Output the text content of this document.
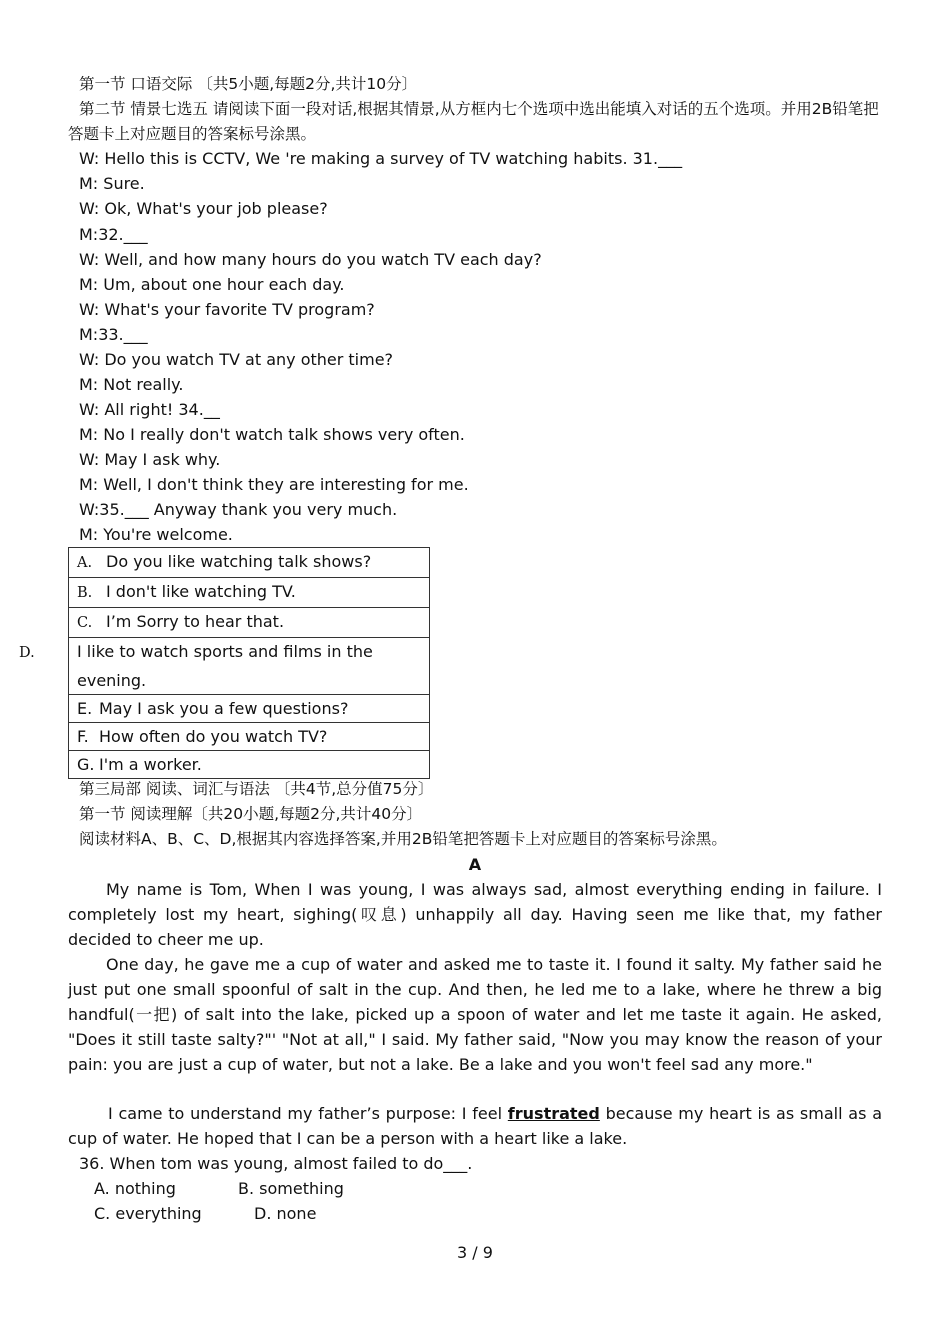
第一节 口语交际 〔共5小题,每题2分,共计10分〕
第二节 情景七选五 请阅读下面一段对话,根据其情景,从方框内七个选项中选出能填入对话的五个选项。并用2B铅笔把答题卡上对应题目的答案标号涂黑。
W: Hello this is CCTV, We 're making a survey of TV watching habits. 31.___
M: Sure.
W: Ok, What's your job please?
M:32.___
W: Well, and how many hours do you watch TV each day?
M: Um, about one hour each day.
W: What's your favorite TV program?
M:33.___
W: Do you watch TV at any other time?
M: Not really.
W: All right! 34.__
M: No I really don't watch talk shows very often.
W: May I ask why.
M: Well, I don't think they are interesting for me.
W:35.___ Anyway thank you very much.
M: You're welcome.
A. Do you like watching talk shows?
B. I don't like watching TV.
C. I’m Sorry to hear that.
D.	I like to watch sports and films in the evening.
E. May I ask you a few questions?
F. How often do you watch TV?
G. I'm a worker.
第三局部 阅读、词汇与语法 〔共4节,总分值75分〕
第一节 阅读理解〔共20小题,每题2分,共计40分〕
阅读材料A、B、C、D,根据其内容选择答案,并用2B铅笔把答题卡上对应题目的答案标号涂黑。
A
My name is Tom, When I was young, I was always sad, almost everything ending in failure. I completely lost my heart, sighing(叹息) unhappily all day. Having seen me like that, my father decided to cheer me up.
One day, he gave me a cup of water and asked me to taste it. I found it salty. My father said he just put one small spoonful of salt in the cup. And then, he led me to a lake, where he threw a big handful(一把) of salt into the lake, picked up a spoon of water and let me taste it again. He asked, "Does it still taste salty?"' "Not at all," I said. My father said, "Now you may know the reason of your pain: you are just a cup of water, but not a lake. Be a lake and you won't feel sad any more."
I came to understand my father’s purpose: I feel frustrated because my heart is as small as a cup of water. He hoped that I can be a person with a heart like a lake.
36. When tom was young, almost failed to do___.
A. nothing	B. something
C. everything	D. none
3 / 9
